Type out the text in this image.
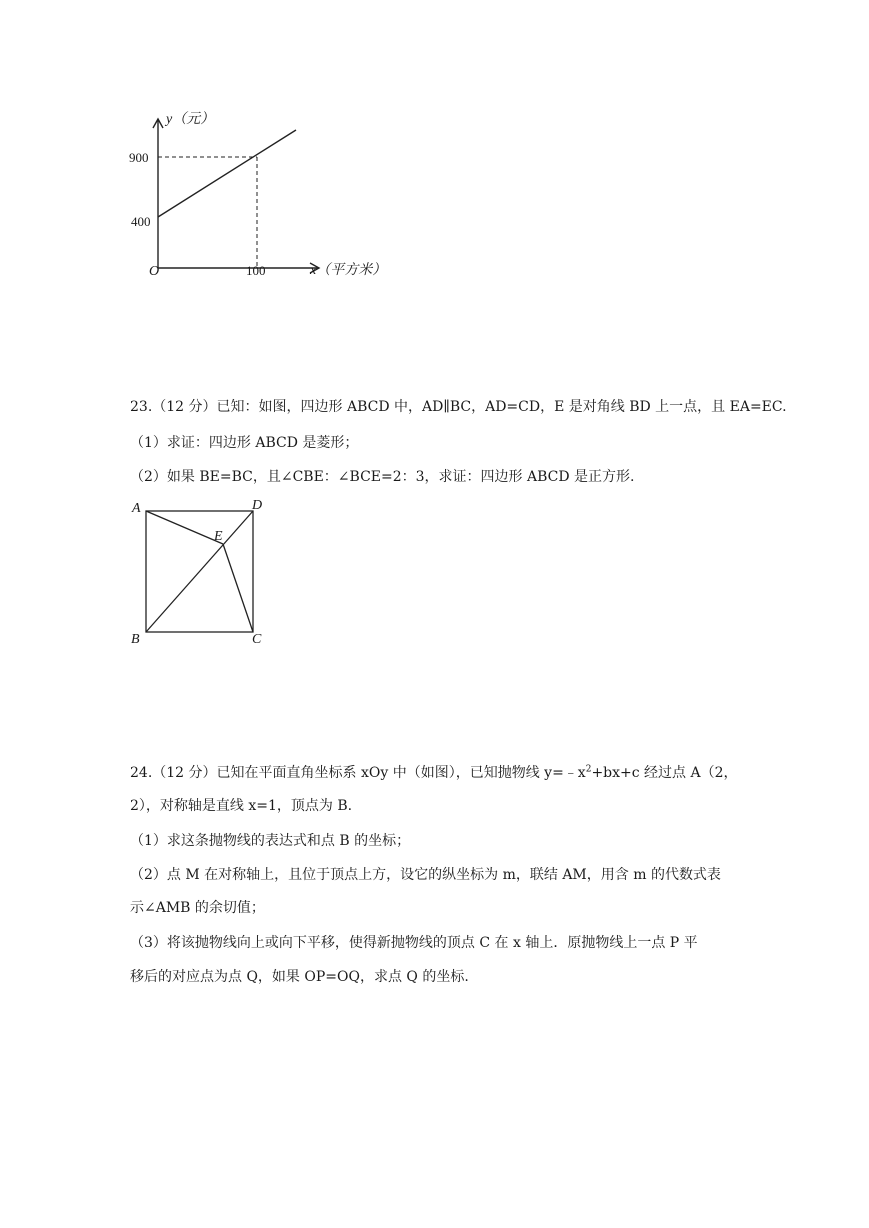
y（元）
900
400
O	100	x（平方米）
23.（12 分）已知：如图，四边形 ABCD 中，AD∥BC，AD=CD，E 是对角线 BD 上一点，且 EA=EC.
（1）求证：四边形 ABCD 是菱形；
（2）如果 BE=BC，且∠CBE：∠BCE=2：3，求证：四边形 ABCD 是正方形.
A	D
E
B	C
24.（12 分）已知在平面直角坐标系 xOy 中（如图），已知抛物线 $y=﹣x^2+bx+c$ 经过点 A（2，
2），对称轴是直线 x=1，顶点为 B.
（1）求这条抛物线的表达式和点 B 的坐标；
（2）点 M 在对称轴上，且位于顶点上方，设它的纵坐标为 m，联结 AM，用含 m 的代数式表
示∠AMB 的余切值；
（3）将该抛物线向上或向下平移，使得新抛物线的顶点 C 在 x 轴上．原抛物线上一点 P 平
移后的对应点为点 Q，如果 OP=OQ，求点 Q 的坐标.
